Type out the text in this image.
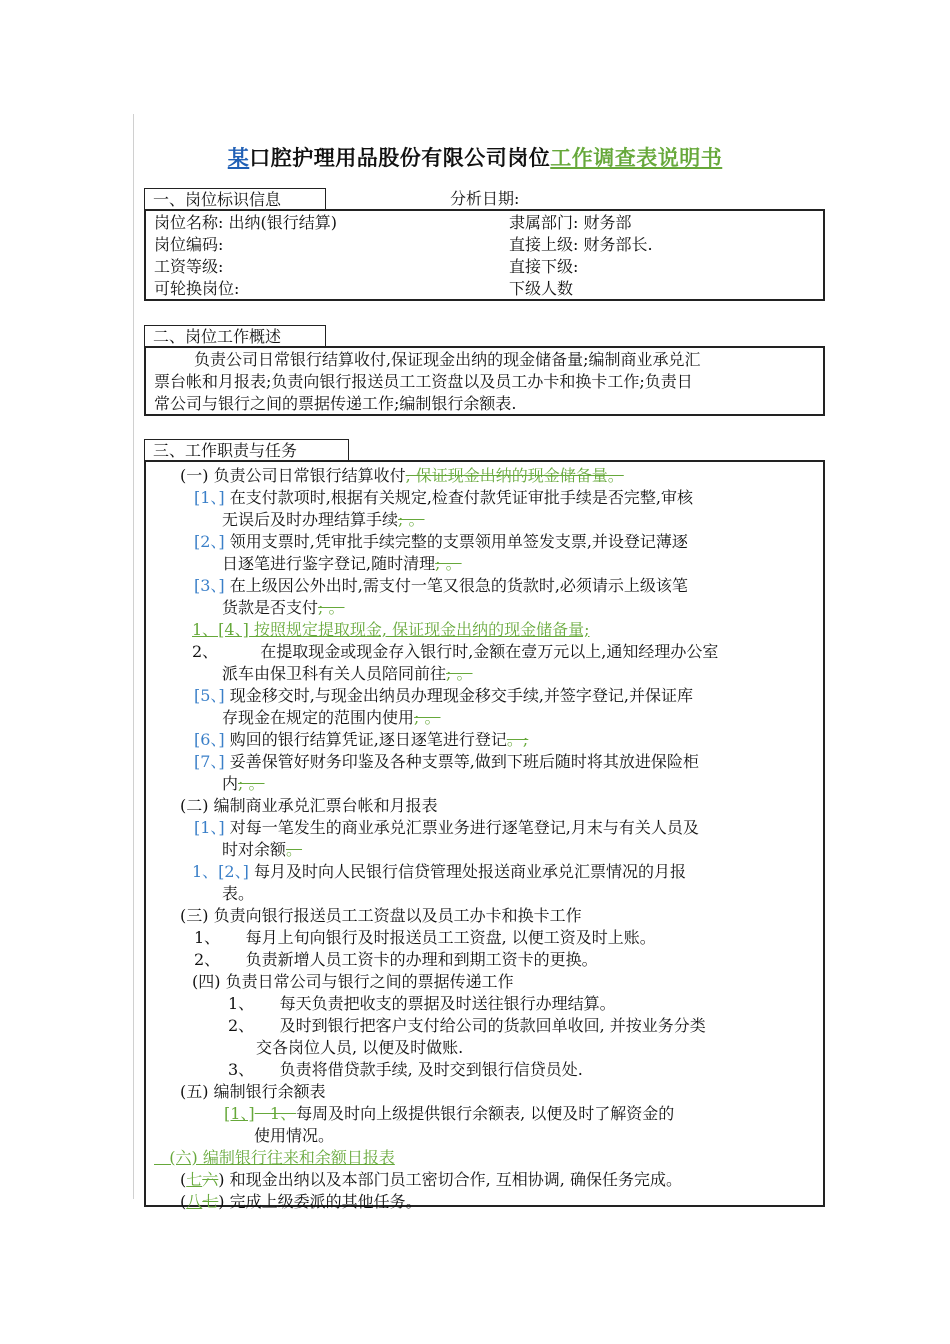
某口腔护理用品股份有限公司岗位工作调查表说明书
一、岗位标识信息	分析日期:
岗位名称: 出纳(银行结算)	隶属部门: 财务部
岗位编码:	直接上级: 财务部长.
工资等级:	直接下级:
可轮换岗位:	下级人数
二、岗位工作概述
负责公司日常银行结算收付,保证现金出纳的现金储备量;编制商业承兑汇
票台帐和月报表;负责向银行报送员工工资盘以及员工办卡和换卡工作;负责日
常公司与银行之间的票据传递工作;编制银行余额表.
三、工作职责与任务
(一) 负责公司日常银行结算收付, 保证现金出纳的现金储备量。
[1、] 在支付款项时,根据有关规定,检查付款凭证审批手续是否完整,审核
无误后及时办理结算手续; 。
[2、] 领用支票时,凭审批手续完整的支票领用单签发支票,并设登记薄逐
日逐笔进行鉴字登记,随时清理; 。
[3、] 在上级因公外出时,需支付一笔又很急的货款时,必须请示上级该笔
货款是否支付; 。
1、[4、] 按照规定提取现金, 保证现金出纳的现金储备量;
2、	在提取现金或现金存入银行时,金额在壹万元以上,通知经理办公室
派车由保卫科有关人员陪同前往; 。
[5、] 现金移交时,与现金出纳员办理现金移交手续,并签字登记,并保证库
存现金在规定的范围内使用; 。
[6、] 购回的银行结算凭证,逐日逐笔进行登记。;
[7、] 妥善保管好财务印鉴及各种支票等,做到下班后随时将其放进保险柜
内; 。
(二) 编制商业承兑汇票台帐和月报表
[1、] 对每一笔发生的商业承兑汇票业务进行逐笔登记,月末与有关人员及
时对余额。
1、[2、] 每月及时向人民银行信贷管理处报送商业承兑汇票情况的月报
表。
(三) 负责向银行报送员工工资盘以及员工办卡和换卡工作
1、     每月上旬向银行及时报送员工工资盘, 以便工资及时上账。
2、     负责新增人员工资卡的办理和到期工资卡的更换。
(四) 负责日常公司与银行之间的票据传递工作
1、     每天负责把收支的票据及时送往银行办理结算。
2、     及时到银行把客户支付给公司的货款回单收回, 并按业务分类
交各岗位人员, 以便及时做账.
3、     负责将借贷款手续, 及时交到银行信贷员处.
(五) 编制银行余额表
[1、]   1、每周及时向上级提供银行余额表, 以便及时了解资金的
使用情况。
(六) 编制银行往来和余额日报表
(七六) 和现金出纳以及本部门员工密切合作, 互相协调, 确保任务完成。
(八七) 完成上级委派的其他任务。
